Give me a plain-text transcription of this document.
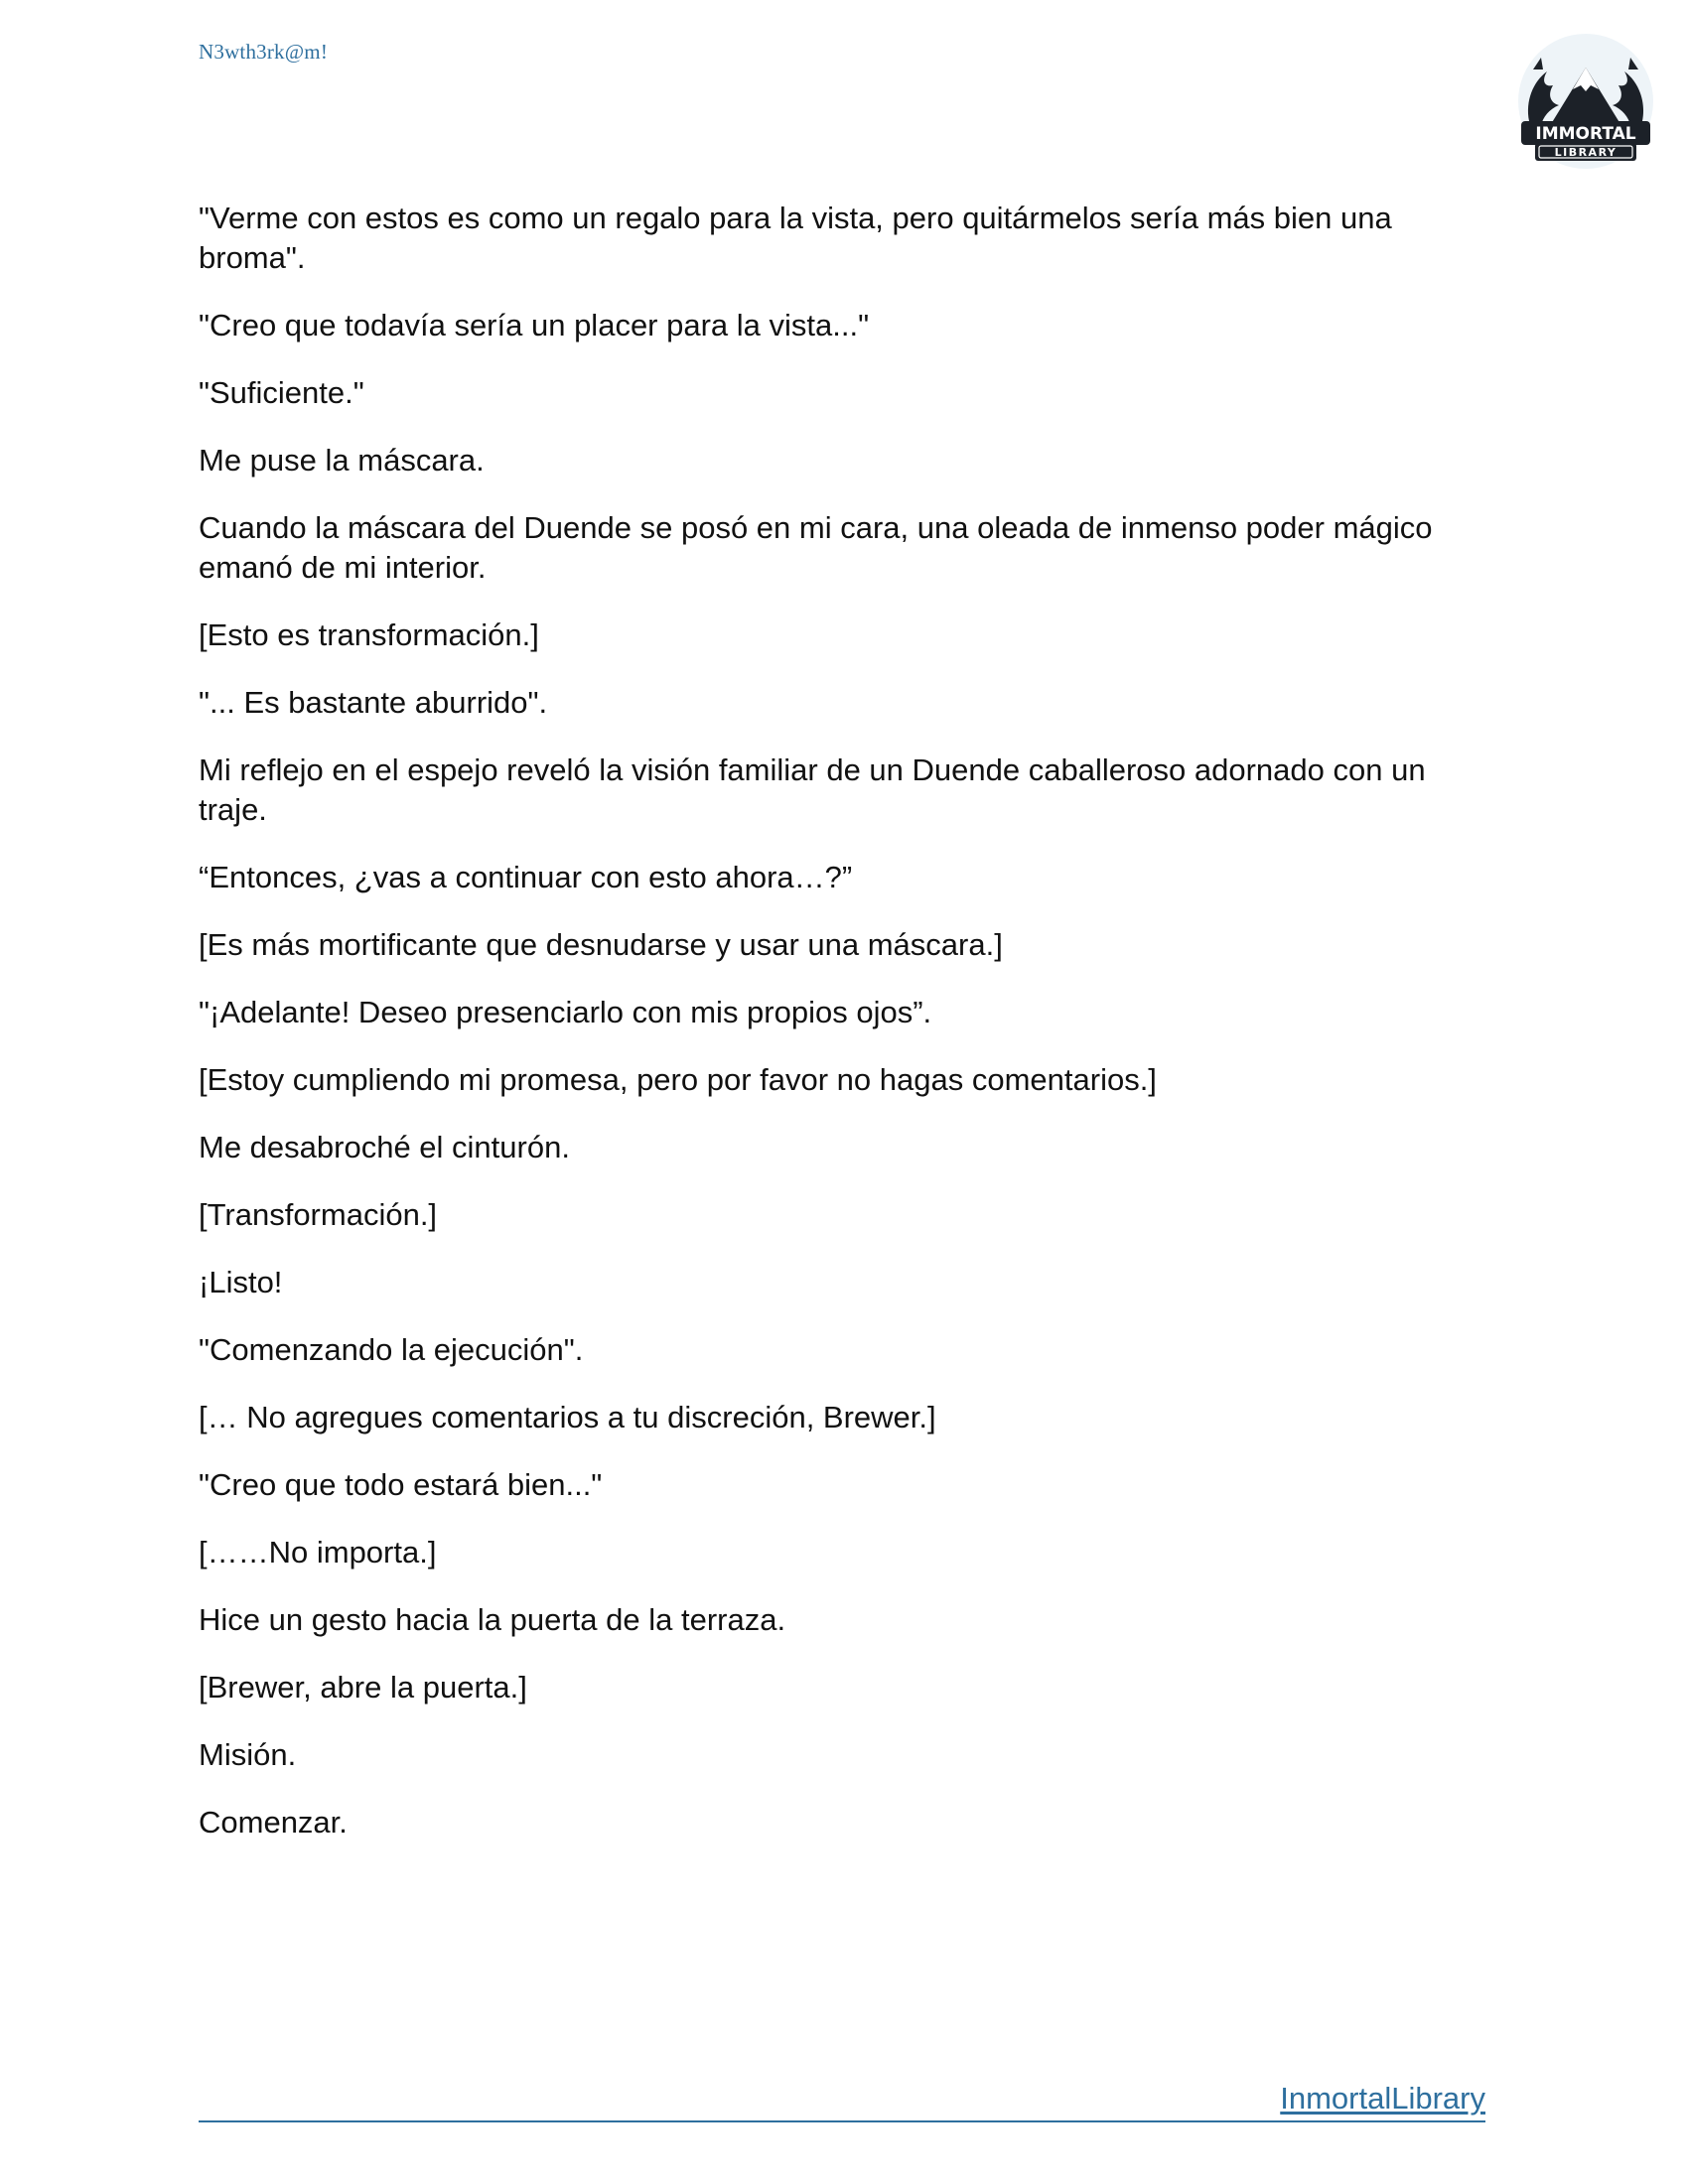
N3wth3rk@m!
IMMORTAL
LIBRARY

"Verme con estos es como un regalo para la vista, pero quitármelos sería más bien una broma".

"Creo que todavía sería un placer para la vista..."

"Suficiente."

Me puse la máscara.

Cuando la máscara del Duende se posó en mi cara, una oleada de inmenso poder mágico emanó de mi interior.

[Esto es transformación.]

"... Es bastante aburrido".

Mi reflejo en el espejo reveló la visión familiar de un Duende caballeroso adornado con un traje.

“Entonces, ¿vas a continuar con esto ahora…?”

[Es más mortificante que desnudarse y usar una máscara.]

"¡Adelante! Deseo presenciarlo con mis propios ojos”.

[Estoy cumpliendo mi promesa, pero por favor no hagas comentarios.]

Me desabroché el cinturón.

[Transformación.]

¡Listo!

"Comenzando la ejecución".

[… No agregues comentarios a tu discreción, Brewer.]

"Creo que todo estará bien..."

[……No importa.]

Hice un gesto hacia la puerta de la terraza.

[Brewer, abre la puerta.]

Misión.

Comenzar.

InmortalLibrary
